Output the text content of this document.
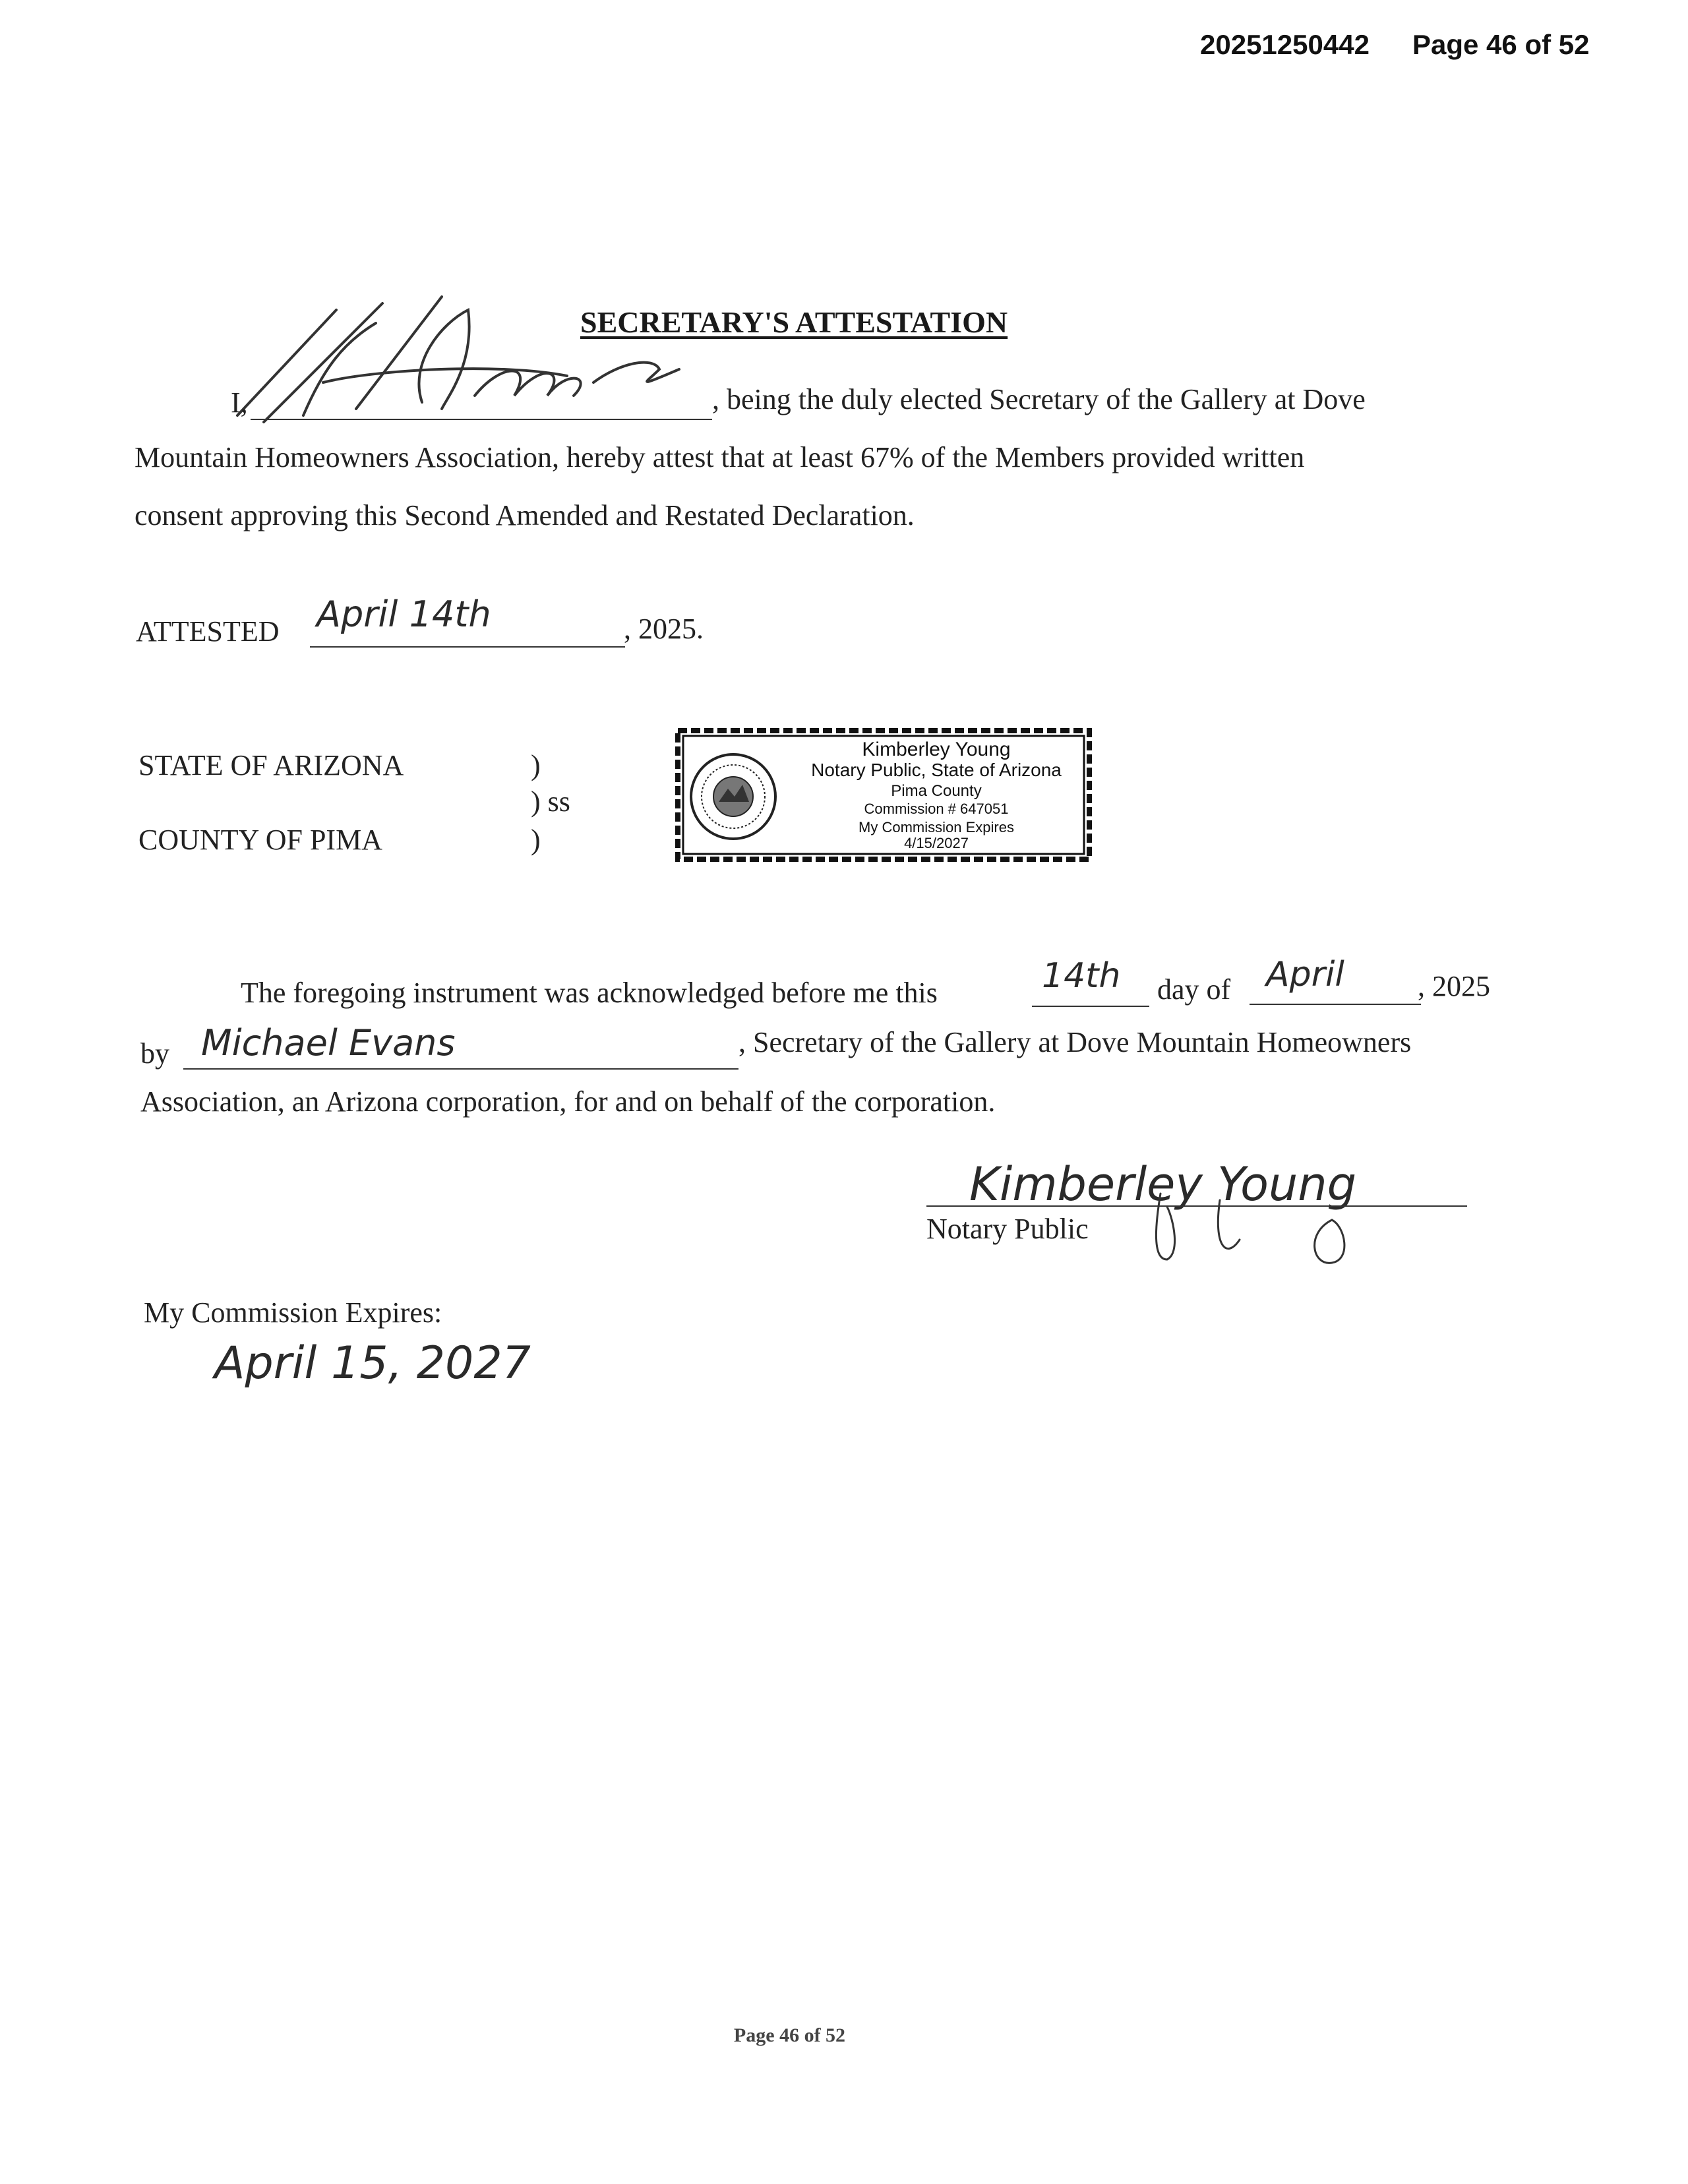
20251250442 Page 46 of 52
SECRETARY'S ATTESTATION
I,	, being the duly elected Secretary of the Gallery at Dove
Mountain Homeowners Association, hereby attest that at least 67% of the Members provided written
consent approving this Second Amended and Restated Declaration.
ATTESTED April 14th	, 2025.
STATE OF ARIZONA
COUNTY OF PIMA
)
) ss
)
Kimberley Young
Notary Public, State of Arizona
Pima County
Commission # 647051
My Commission Expires
4/15/2027
The foregoing instrument was acknowledged before me this	14th day of April	, 2025
by Michael Evans	, Secretary of the Gallery at Dove Mountain Homeowners
Association, an Arizona corporation, for and on behalf of the corporation.
Kimberley Young
Notary Public
My Commission Expires:
April 15, 2027
Page 46 of 52
